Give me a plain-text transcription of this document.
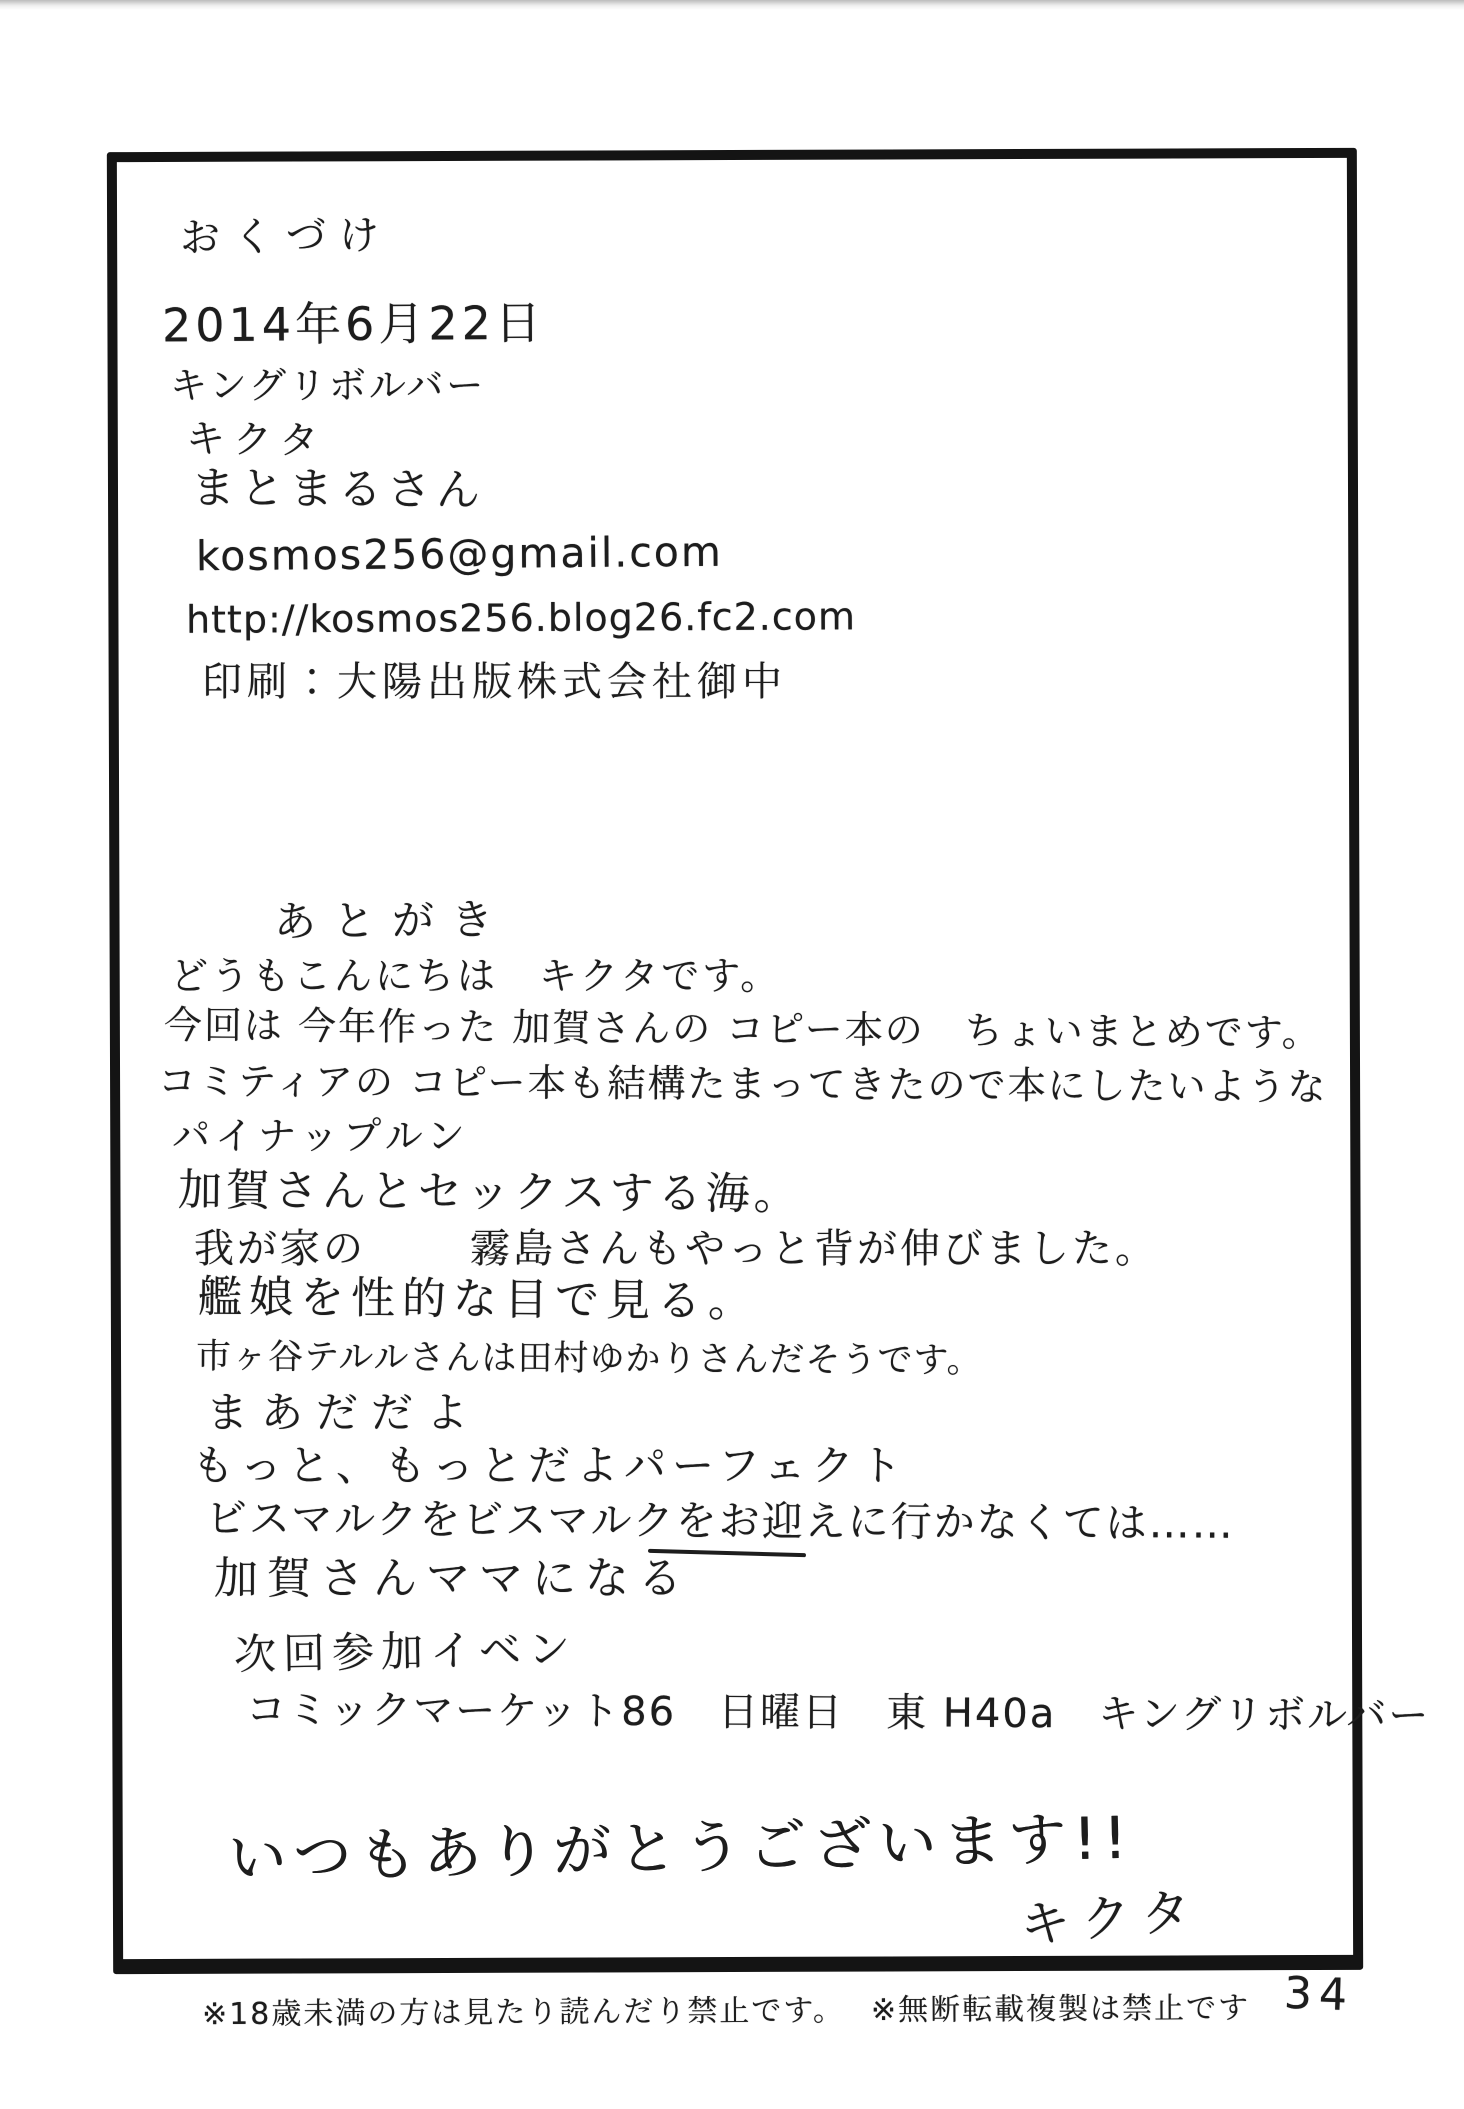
おくづけ
2014年6月22日
キングリボルバー
キクタ
まとまるさん
kosmos256@gmail.com
http://kosmos256.blog26.fc2.com
印刷：大陽出版株式会社御中
あとがき
どうもこんにちは　キクタです。
今回は 今年作った 加賀さんの コピー本の　ちょいまとめです。
コミティアの コピー本も結構たまってきたので本にしたいような
パイナップルン
加賀さんとセックスする海。
我が家の	霧島さんもやっと背が伸びました。
艦娘を性的な目で見る。
市ヶ谷テルルさんは田村ゆかりさんだそうです。
まあだだよ
もっと、もっとだよパーフェクト
ビスマルクをビスマルクをお迎えに行かなくては……
加賀さんママになる
次回参加イベン
コミックマーケット86　日曜日　東 H40a　キングリボルバー
いつもありがとうございます!!
キクタ
※18歳未満の方は見たり読んだり禁止です。 ※無断転載複製は禁止です 34
